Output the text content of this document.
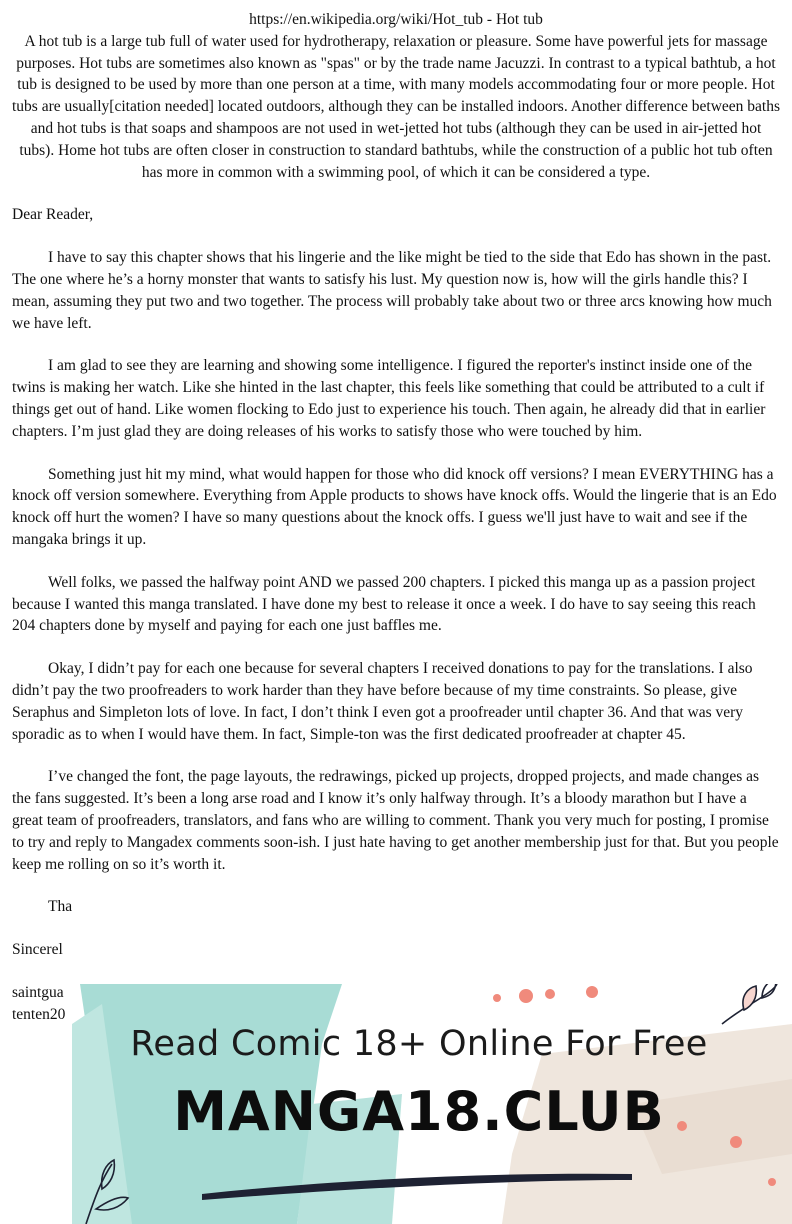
https://en.wikipedia.org/wiki/Hot_tub - Hot tub

A hot tub is a large tub full of water used for hydrotherapy, relaxation or pleasure. Some have powerful jets for massage purposes. Hot tubs are sometimes also known as "spas" or by the trade name Jacuzzi. In contrast to a typical bathtub, a hot tub is designed to be used by more than one person at a time, with many models accommodating four or more people. Hot tubs are usually[citation needed] located outdoors, although they can be installed indoors. Another difference between baths and hot tubs is that soaps and shampoos are not used in wet-jetted hot tubs (although they can be used in air-jetted hot tubs). Home hot tubs are often closer in construction to standard bathtubs, while the construction of a public hot tub often has more in common with a swimming pool, of which it can be considered a type.

Dear Reader,

I have to say this chapter shows that his lingerie and the like might be tied to the side that Edo has shown in the past. The one where he’s a horny monster that wants to satisfy his lust. My question now is, how will the girls handle this? I mean, assuming they put two and two together. The process will probably take about two or three arcs knowing how much we have left.

I am glad to see they are learning and showing some intelligence. I figured the reporter's instinct inside one of the twins is making her watch. Like she hinted in the last chapter, this feels like something that could be attributed to a cult if things get out of hand. Like women flocking to Edo just to experience his touch. Then again, he already did that in earlier chapters. I’m just glad they are doing releases of his works to satisfy those who were touched by him.

Something just hit my mind, what would happen for those who did knock off versions? I mean EVERYTHING has a knock off version somewhere. Everything from Apple products to shows have knock offs. Would the lingerie that is an Edo knock off hurt the women? I have so many questions about the knock offs. I guess we'll just have to wait and see if the mangaka brings it up.

Well folks, we passed the halfway point AND we passed 200 chapters. I picked this manga up as a passion project because I wanted this manga translated. I have done my best to release it once a week. I do have to say seeing this reach 204 chapters done by myself and paying for each one just baffles me.

Okay, I didn’t pay for each one because for several chapters I received donations to pay for the translations. I also didn’t pay the two proofreaders to work harder than they have before because of my time constraints. So please, give Seraphus and Simpleton lots of love. In fact, I don’t think I even got a proofreader until chapter 36. And that was very sporadic as to when I would have them. In fact, Simple-ton was the first dedicated proofreader at chapter 45.

I’ve changed the font, the page layouts, the redrawings, picked up projects, dropped projects, and made changes as the fans suggested. It’s been a long arse road and I know it’s only halfway through. It’s a bloody marathon but I have a great team of proofreaders, translators, and fans who are willing to comment. Thank you very much for posting, I promise to try and reply to Mangadex comments soon-ish. I just hate having to get another membership just for that. But you people keep me rolling on so it’s worth it.

Tha

Sincerel

saintgua

tenten20

Read Comic 18+ Online For Free
MANGA18.CLUB
